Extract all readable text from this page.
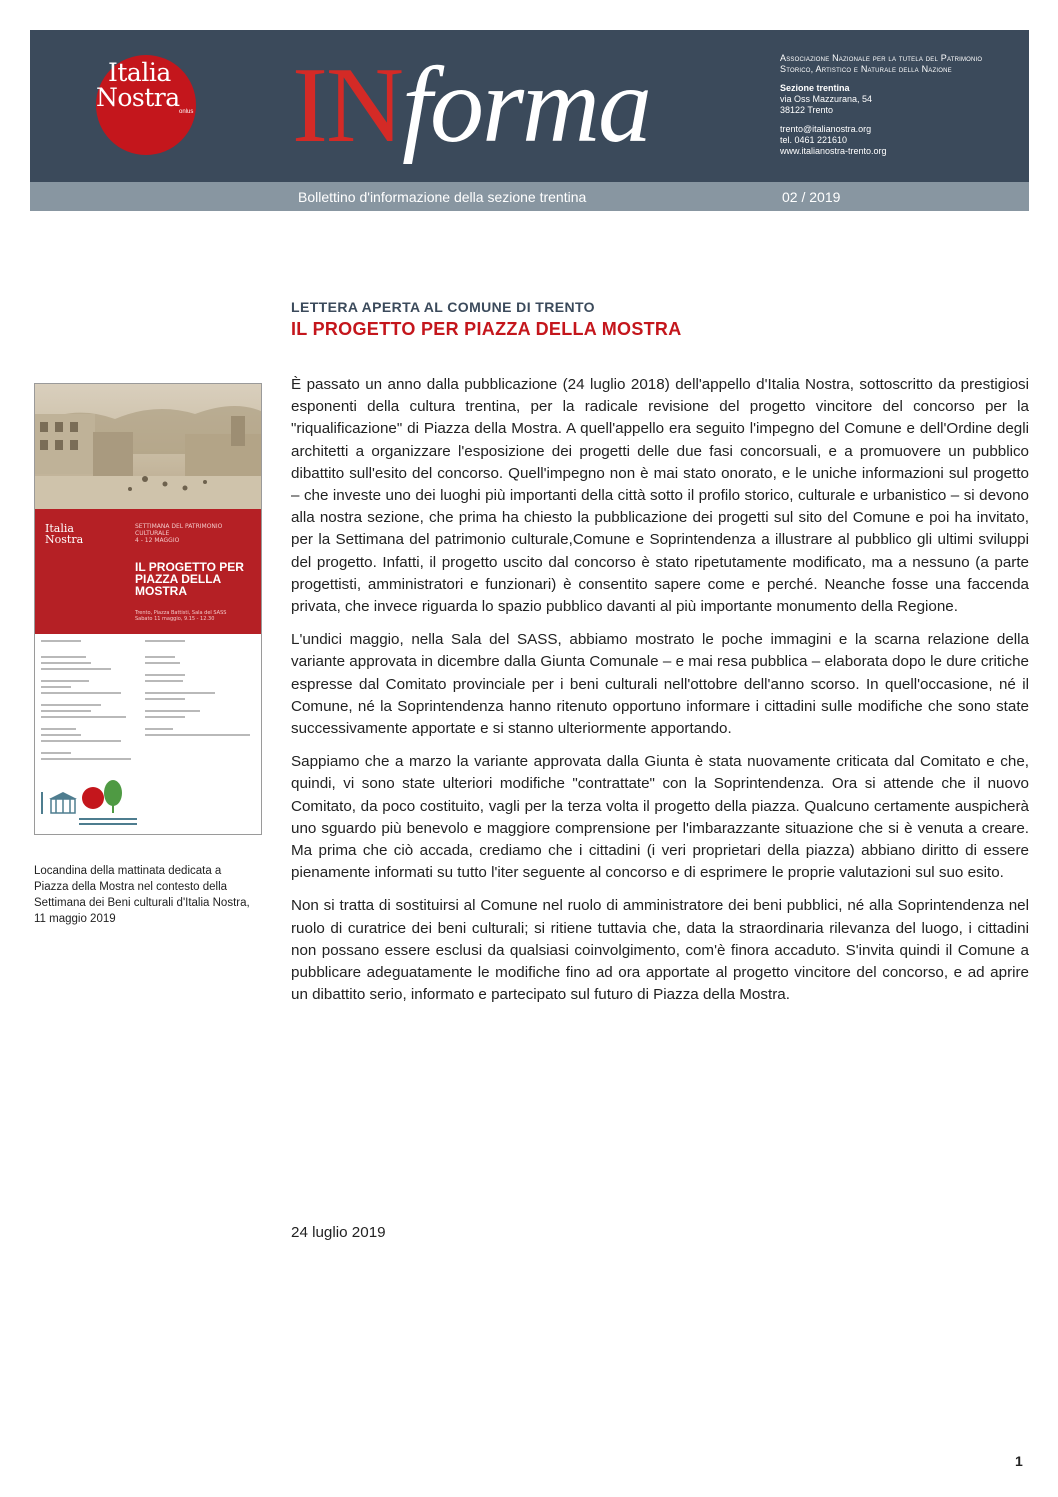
Italia
Nostra onlus INforma	Associazione Nazionale per la tutela del Patrimonio
Storico, Artistico e Naturale della Nazione
Sezione trentina
via Oss Mazzurana, 54
38122 Trento
trento@italianostra.org
tel. 0461 221610
www.italianostra-trento.org
Bollettino d'informazione della sezione trentina	02 / 2019
LETTERA APERTA AL COMUNE DI TRENTO
IL PROGETTO PER PIAZZA DELLA MOSTRA
Italia
Nostra
SETTIMANA DEL PATRIMONIO
CULTURALE
4 - 12 MAGGIO
IL PROGETTO PER
PIAZZA DELLA
MOSTRA
Trento, Piazza Battisti, Sala del SASS
Sabato 11 maggio, 9.15 - 12.30
Locandina della mattinata dedicata a Piazza della Mostra nel contesto della Settimana dei Beni culturali d'Italia Nostra, 11 maggio 2019

È passato un anno dalla pubblicazione (24 luglio 2018) dell'appello d'Italia Nostra, sottoscritto da prestigiosi esponenti della cultura trentina, per la radicale revisione del progetto vincitore del concorso per la "riqualificazione" di Piazza della Mostra. A quell'appello era seguito l'impegno del Comune e dell'Ordine degli architetti a organizzare l'esposizione dei progetti delle due fasi concorsuali, e a promuovere un pubblico dibattito sull'esito del concorso. Quell'impegno non è mai stato onorato, e le uniche informazioni sul progetto – che investe uno dei luoghi più importanti della città sotto il profilo storico, culturale e urbanistico – si devono alla nostra sezione, che prima ha chiesto la pubblicazione dei progetti sul sito del Comune e poi ha invitato, per la Settimana del patrimonio culturale,Comune e Soprintendenza a illustrare al pubblico gli ultimi sviluppi del progetto. Infatti, il progetto uscito dal concorso è stato ripetutamente modificato, ma a nessuno (a parte progettisti, amministratori e funzionari) è consentito sapere come e perché. Neanche fosse una faccenda privata, che invece riguarda lo spazio pubblico davanti al più importante monumento della Regione.

L'undici maggio, nella Sala del SASS, abbiamo mostrato le poche immagini e la scarna relazione della variante approvata in dicembre dalla Giunta Comunale – e mai resa pubblica – elaborata dopo le dure critiche espresse dal Comitato provinciale per i beni culturali nell'ottobre dell'anno scorso. In quell'occasione, né il Comune, né la Soprintendenza hanno ritenuto opportuno informare i cittadini sulle modifiche che sono state successivamente apportate e si stanno ulteriormente apportando.

Sappiamo che a marzo la variante approvata dalla Giunta è stata nuovamente criticata dal Comitato e che, quindi, vi sono state ulteriori modifiche "contrattate" con la Soprintendenza. Ora si attende che il nuovo Comitato, da poco costituito, vagli per la terza volta il progetto della piazza. Qualcuno certamente auspicherà uno sguardo più benevolo e maggiore comprensione per l'imbarazzante situazione che si è venuta a creare. Ma prima che ciò accada, crediamo che i cittadini (i veri proprietari della piazza) abbiano diritto di essere pienamente informati su tutto l'iter seguente al concorso e di esprimere le proprie valutazioni sul suo esito.

Non si tratta di sostituirsi al Comune nel ruolo di amministratore dei beni pubblici, né alla Soprintendenza nel ruolo di curatrice dei beni culturali; si ritiene tuttavia che, data la straordinaria rilevanza del luogo, i cittadini non possano essere esclusi da qualsiasi coinvolgimento, com'è finora accaduto. S'invita quindi il Comune a pubblicare adeguatamente le modifiche fino ad ora apportate al progetto vincitore del concorso, e ad aprire un dibattito serio, informato e partecipato sul futuro di Piazza della Mostra.

24 luglio 2019
1
